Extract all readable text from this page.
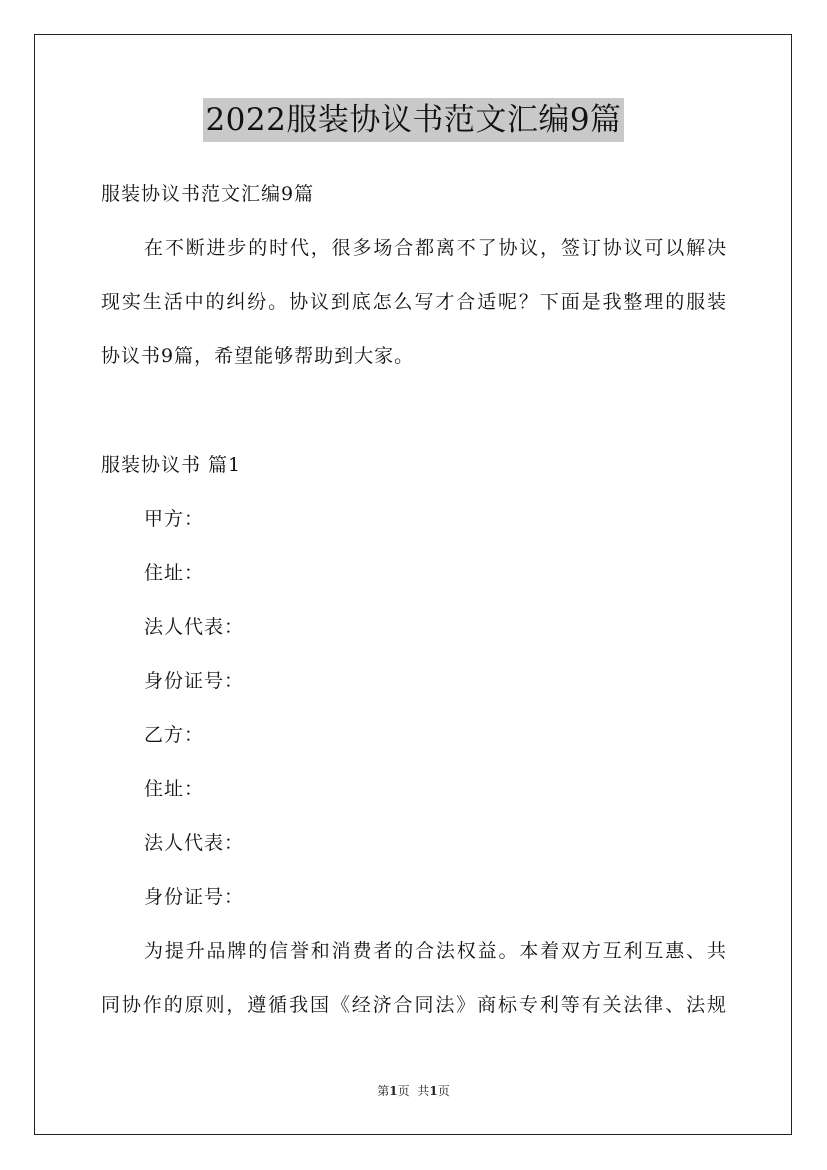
2022服装协议书范文汇编9篇
服装协议书范文汇编9篇
在不断进步的时代，很多场合都离不了协议，签订协议可以解决
现实生活中的纠纷。协议到底怎么写才合适呢？下面是我整理的服装
协议书9篇，希望能够帮助到大家。
服装协议书 篇1
甲方：
住址：
法人代表：
身份证号：
乙方：
住址：
法人代表：
身份证号：
为提升品牌的信誉和消费者的合法权益。本着双方互利互惠、共
同协作的原则，遵循我国《经济合同法》商标专利等有关法律、法规
第1页 共1页
